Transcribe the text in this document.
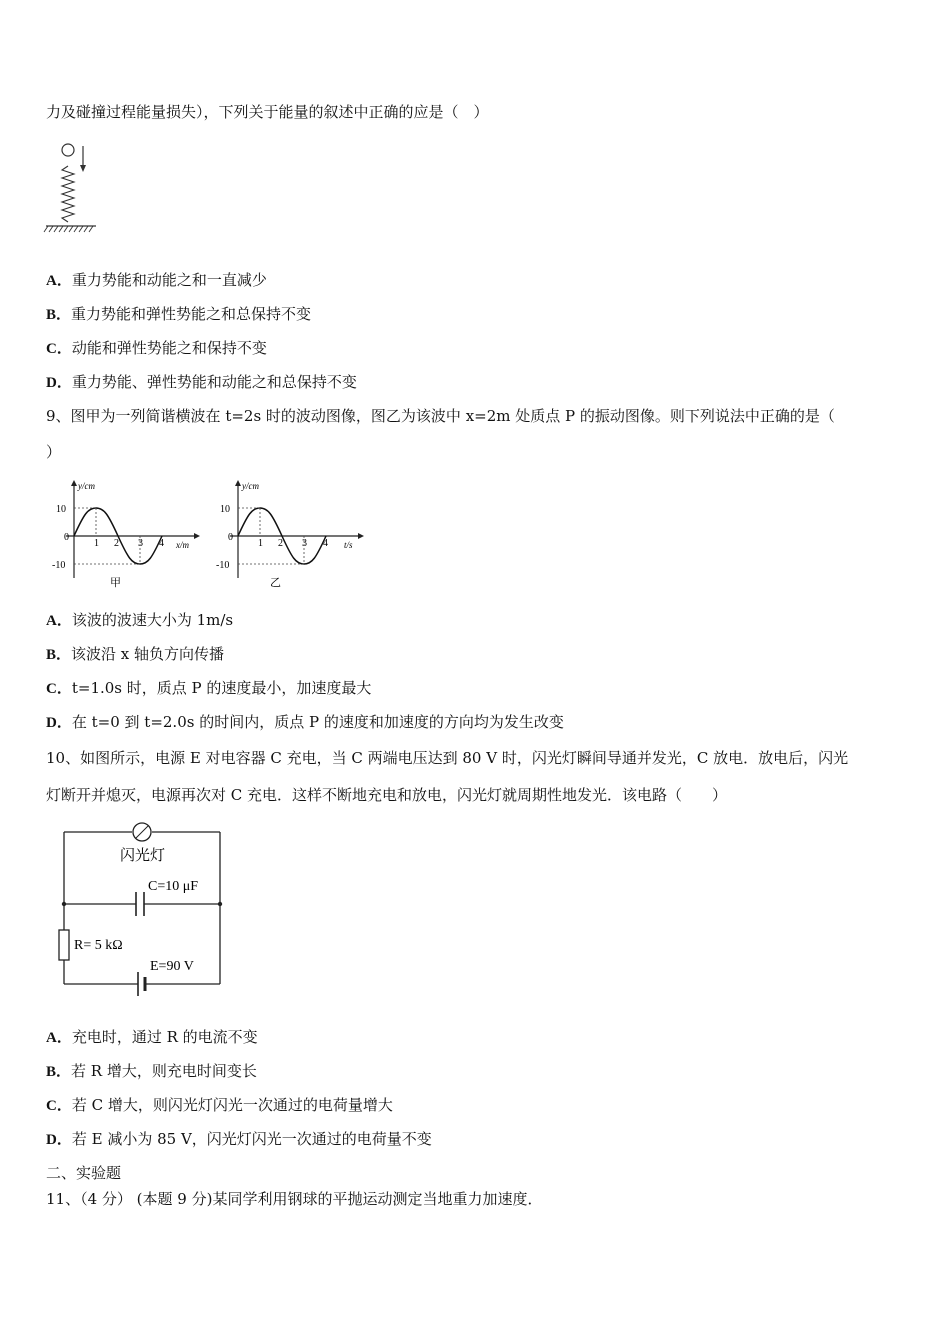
力及碰撞过程能量损失），下列关于能量的叙述中正确的应是（　）
A．重力势能和动能之和一直减少
B．重力势能和弹性势能之和总保持不变
C．动能和弹性势能之和保持不变
D．重力势能、弹性势能和动能之和总保持不变
9、图甲为一列简谐横波在 t=2s 时的波动图像，图乙为该波中 x=2m 处质点 P 的振动图像。则下列说法中正确的是（
）
y/cm
x/m
10
0
-10
1 2 3 4
甲
y/cm
t/s
10
0
-10
1 2 3 4
乙
A．该波的波速大小为 1m/s
B．该波沿 x 轴负方向传播
C．t=1.0s 时，质点 P 的速度最小，加速度最大
D．在 t=0 到 t=2.0s 的时间内，质点 P 的速度和加速度的方向均为发生改变
10、如图所示，电源 E 对电容器 C 充电，当 C 两端电压达到 80 V 时，闪光灯瞬间导通并发光，C 放电．放电后，闪光
灯断开并熄灭，电源再次对 C 充电．这样不断地充电和放电，闪光灯就周期性地发光．该电路（　　）
闪光灯
C=10 μF
R= 5 kΩ
E=90 V
A．充电时，通过 R 的电流不变
B．若 R 增大，则充电时间变长
C．若 C 增大，则闪光灯闪光一次通过的电荷量增大
D．若 E 减小为 85 V，闪光灯闪光一次通过的电荷量不变
二、实验题
11、（4 分） (本题 9 分)某同学利用钢球的平抛运动测定当地重力加速度．
